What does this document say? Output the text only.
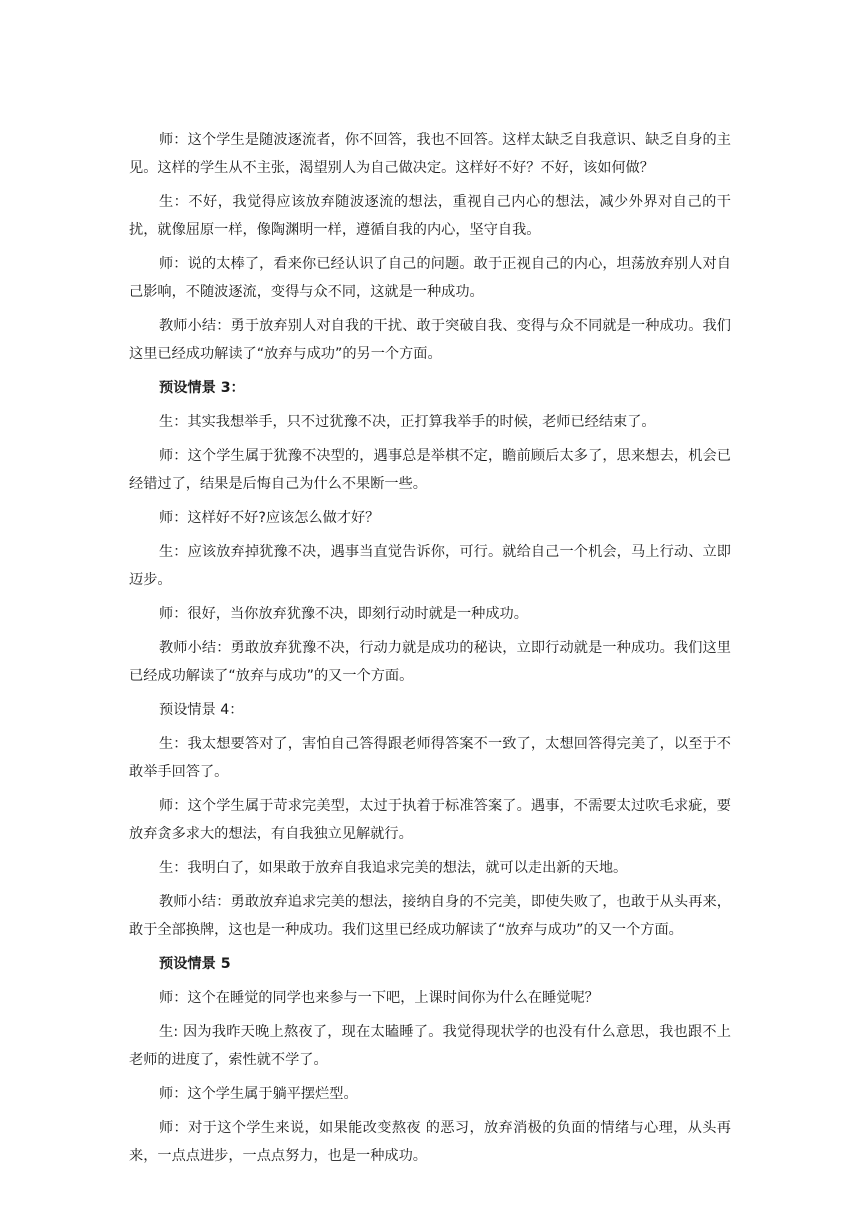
师：这个学生是随波逐流者，你不回答，我也不回答。这样太缺乏自我意识、缺乏自身的主见。这样的学生从不主张，渴望别人为自己做决定。这样好不好？不好，该如何做？

生：不好，我觉得应该放弃随波逐流的想法，重视自己内心的想法，减少外界对自己的干扰，就像屈原一样，像陶渊明一样，遵循自我的内心，坚守自我。

师：说的太棒了，看来你已经认识了自己的问题。敢于正视自己的内心，坦荡放弃别人对自己影响，不随波逐流，变得与众不同，这就是一种成功。

教师小结：勇于放弃别人对自我的干扰、敢于突破自我、变得与众不同就是一种成功。我们这里已经成功解读了“放弃与成功”的另一个方面。

预设情景 3：

生：其实我想举手，只不过犹豫不决，正打算我举手的时候，老师已经结束了。

师：这个学生属于犹豫不决型的，遇事总是举棋不定，瞻前顾后太多了，思来想去，机会已经错过了，结果是后悔自己为什么不果断一些。

师：这样好不好?应该怎么做才好？

生：应该放弃掉犹豫不决，遇事当直觉告诉你，可行。就给自己一个机会，马上行动、立即迈步。

师：很好，当你放弃犹豫不决，即刻行动时就是一种成功。

教师小结：勇敢放弃犹豫不决，行动力就是成功的秘诀，立即行动就是一种成功。我们这里已经成功解读了“放弃与成功”的又一个方面。

预设情景 4：

生：我太想要答对了，害怕自己答得跟老师得答案不一致了，太想回答得完美了，以至于不敢举手回答了。

师：这个学生属于苛求完美型，太过于执着于标准答案了。遇事，不需要太过吹毛求疵，要放弃贪多求大的想法，有自我独立见解就行。

生：我明白了，如果敢于放弃自我追求完美的想法，就可以走出新的天地。

教师小结：勇敢放弃追求完美的想法，接纳自身的不完美，即使失败了，也敢于从头再来，敢于全部换牌，这也是一种成功。我们这里已经成功解读了“放弃与成功”的又一个方面。

预设情景 5

师：这个在睡觉的同学也来参与一下吧，上课时间你为什么在睡觉呢？

生: 因为我昨天晚上熬夜了，现在太瞌睡了。我觉得现状学的也没有什么意思，我也跟不上老师的进度了，索性就不学了。

师：这个学生属于躺平摆烂型。

师：对于这个学生来说，如果能改变熬夜 的恶习，放弃消极的负面的情绪与心理，从头再来，一点点进步，一点点努力，也是一种成功。
